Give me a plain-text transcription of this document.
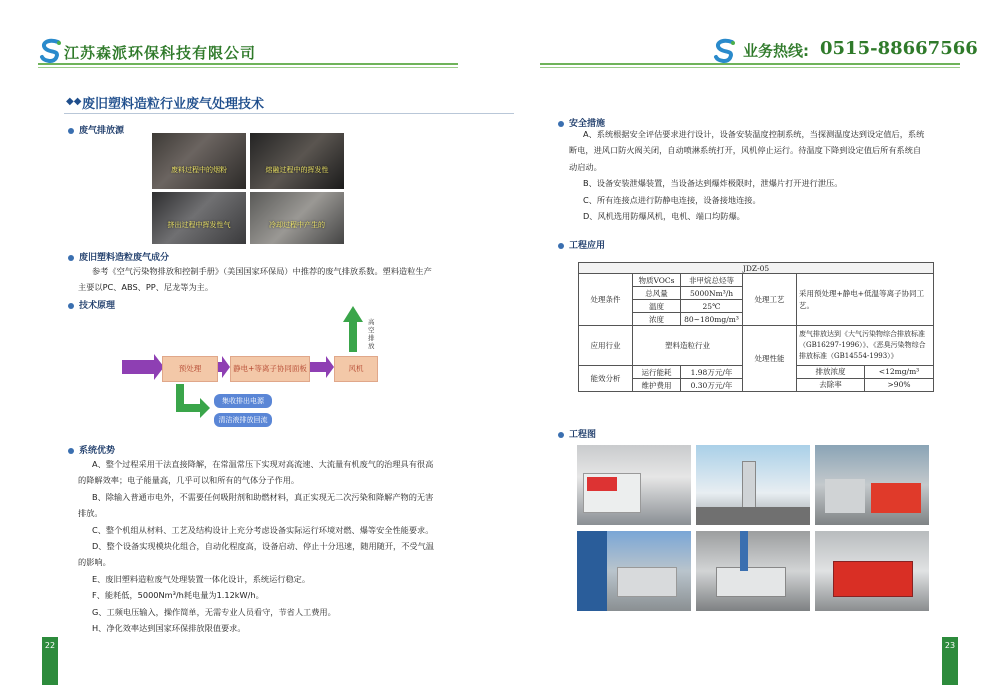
江苏森派环保科技有限公司	业务热线: 0515-88667566
◆◆ 废旧塑料造粒行业废气处理技术
废气排放源
废料过程中的烟粉	熔融过程中的挥发性
挤出过程中挥发性气	冷却过程中产生的
废旧塑料造粒废气成分
参考《空气污染物排放和控制手册》（美国国家环保局）中推荐的废气排放系数。塑料造粒生产
主要以PC、ABS、PP、尼龙等为主。
技术原理
预处理	静电+等离子协同面板	风机
高空排放
集收排出电源
清洁液排放回流
系统优势
A、整个过程采用干法直接降解，在常温常压下实现对高流速、大流量有机废气的治理具有很高
的降解效率；电子能量高，几乎可以和所有的气体分子作用。
B、除输入普通市电外，不需要任何吸附剂和助燃材料，真正实现无二次污染和降解产物的无害
排放。
C、整个机组从材料、工艺及结构设计上充分考虑设备实际运行环境对燃、爆等安全性能要求。
D、整个设备实现模块化组合，自动化程度高，设备启动、停止十分迅速，随用随开，不受气温
的影响。
E、废旧塑料造粒废气处理装置一体化设计，系统运行稳定。
F、能耗低，5000Nm³/h耗电量为1.12kW/h。
G、工频电压输入，操作简单，无需专业人员看守，节省人工费用。
H、净化效率达到国家环保排放限值要求。
22
安全措施
A、系统根据安全评估要求进行设计，设备安装温度控制系统，当探测温度达到设定值后，系统
断电，进风口防火阀关闭，自动喷淋系统打开，风机停止运行。待温度下降到设定值后所有系统自
动启动。
B、设备安装泄爆装置，当设备达到爆炸极限时，泄爆片打开进行泄压。
C、所有连接点进行防静电连接，设备接地连接。
D、风机选用防爆风机，电机、端口均防爆。
工程应用
JDZ-05				
处理条件	物质VOCs	非甲烷总烃等	处理工艺	采用预处理+静电+低温等离子协同工艺。
	总风量	5000Nm³/h		
	温度	25℃		
	浓度	80~180mg/m³		
应用行业	塑料造粒行业		处理性能	废气排放达到《大气污染物综合排放标准（GB16297-1996）》、《恶臭污染物综合排放标准（GB14554-1993）》
能效分析	运行能耗	1.98万元/年		排放浓度 <12mg/m³

	维护费用	0.30万元/年		去除率 >90%
工程图
23
